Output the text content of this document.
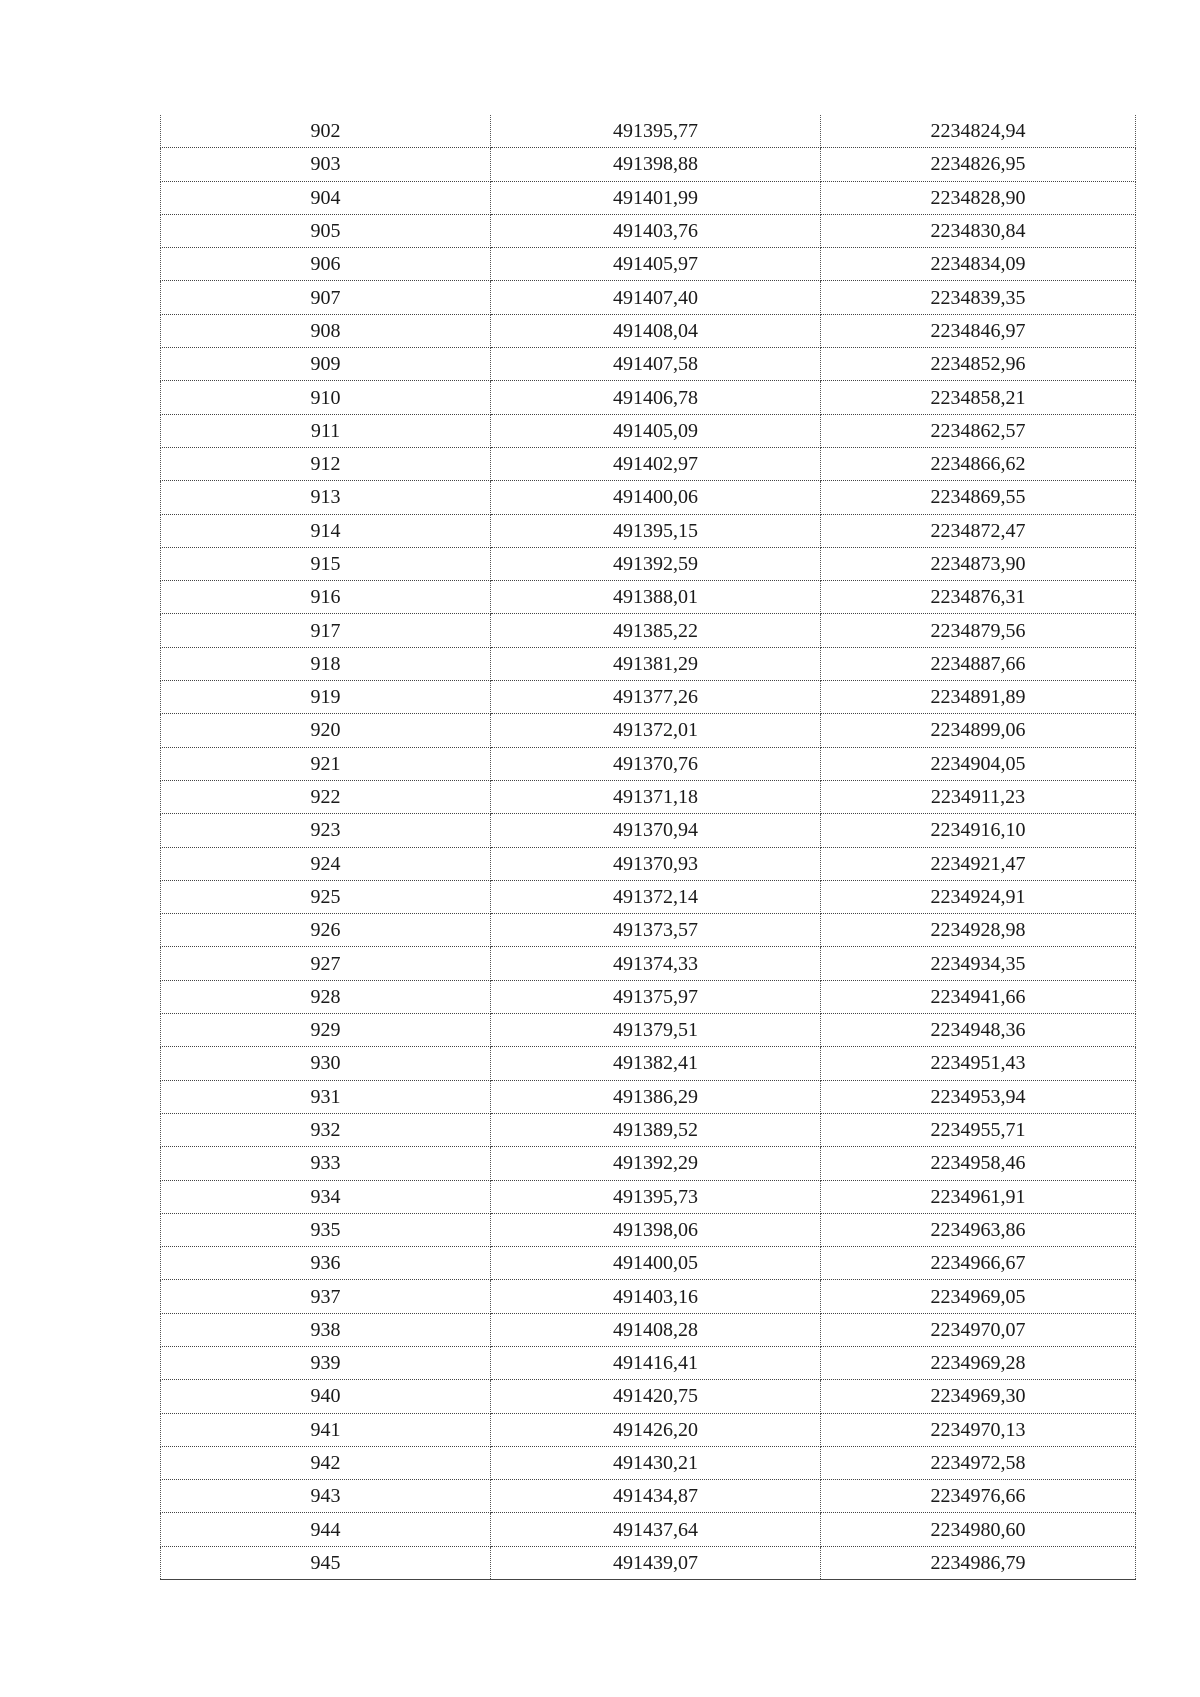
902	491395,77	2234824,94
903	491398,88	2234826,95
904	491401,99	2234828,90
905	491403,76	2234830,84
906	491405,97	2234834,09
907	491407,40	2234839,35
908	491408,04	2234846,97
909	491407,58	2234852,96
910	491406,78	2234858,21
911	491405,09	2234862,57
912	491402,97	2234866,62
913	491400,06	2234869,55
914	491395,15	2234872,47
915	491392,59	2234873,90
916	491388,01	2234876,31
917	491385,22	2234879,56
918	491381,29	2234887,66
919	491377,26	2234891,89
920	491372,01	2234899,06
921	491370,76	2234904,05
922	491371,18	2234911,23
923	491370,94	2234916,10
924	491370,93	2234921,47
925	491372,14	2234924,91
926	491373,57	2234928,98
927	491374,33	2234934,35
928	491375,97	2234941,66
929	491379,51	2234948,36
930	491382,41	2234951,43
931	491386,29	2234953,94
932	491389,52	2234955,71
933	491392,29	2234958,46
934	491395,73	2234961,91
935	491398,06	2234963,86
936	491400,05	2234966,67
937	491403,16	2234969,05
938	491408,28	2234970,07
939	491416,41	2234969,28
940	491420,75	2234969,30
941	491426,20	2234970,13
942	491430,21	2234972,58
943	491434,87	2234976,66
944	491437,64	2234980,60
945	491439,07	2234986,79
